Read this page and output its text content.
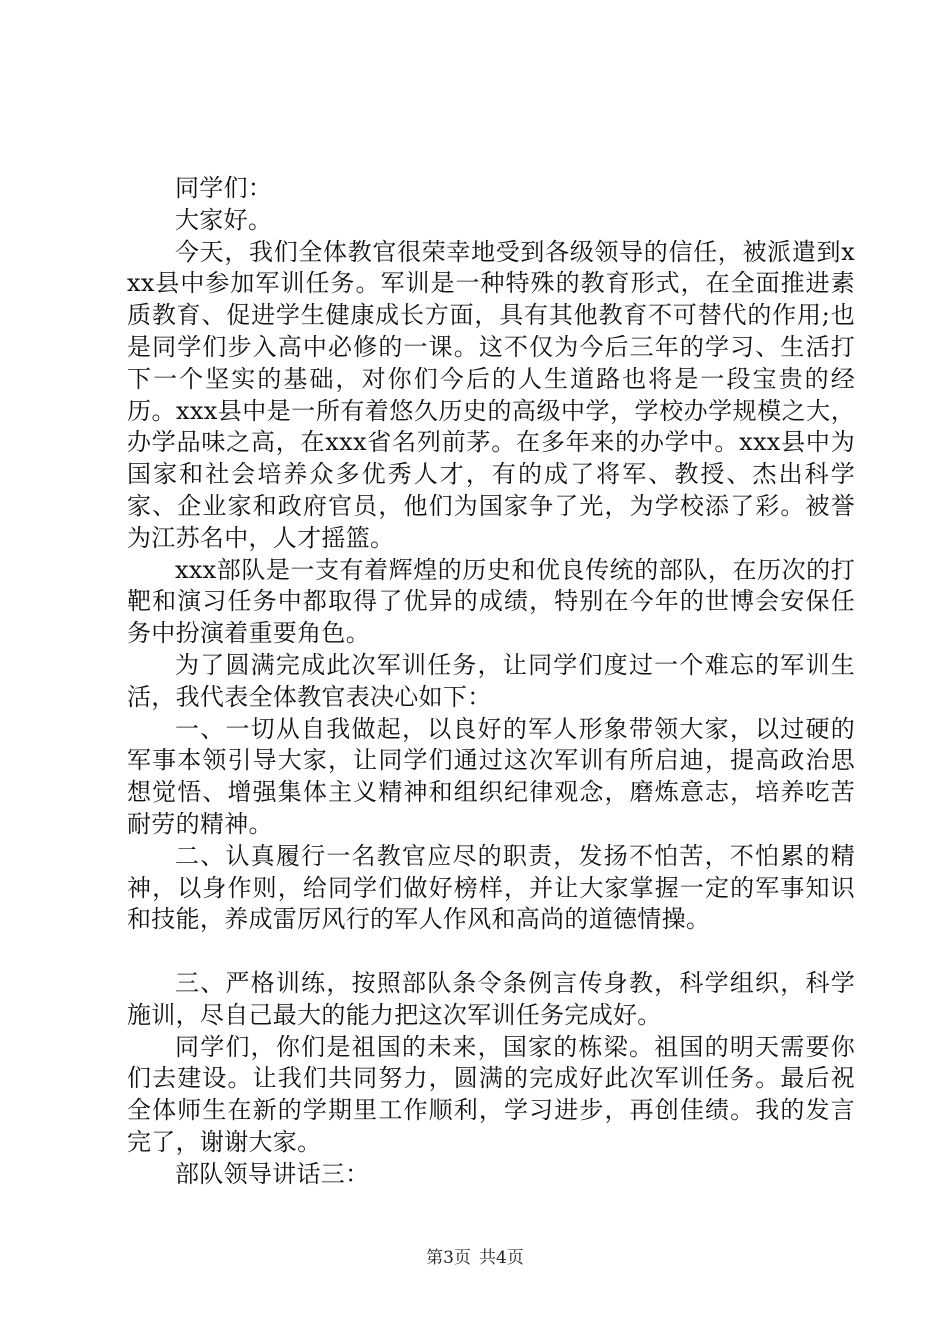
同学们：

大家好。

今天，我们全体教官很荣幸地受到各级领导的信任，被派遣到xxx县中参加军训任务。军训是一种特殊的教育形式，在全面推进素质教育、促进学生健康成长方面，具有其他教育不可替代的作用;也是同学们步入高中必修的一课。这不仅为今后三年的学习、生活打下一个坚实的基础，对你们今后的人生道路也将是一段宝贵的经历。xxx县中是一所有着悠久历史的高级中学，学校办学规模之大，办学品味之高，在xxx省名列前茅。在多年来的办学中。xxx县中为国家和社会培养众多优秀人才，有的成了将军、教授、杰出科学家、企业家和政府官员，他们为国家争了光，为学校添了彩。被誉为江苏名中，人才摇篮。

xxx部队是一支有着辉煌的历史和优良传统的部队，在历次的打靶和演习任务中都取得了优异的成绩，特别在今年的世博会安保任务中扮演着重要角色。

为了圆满完成此次军训任务，让同学们度过一个难忘的军训生活，我代表全体教官表决心如下：

一、一切从自我做起，以良好的军人形象带领大家，以过硬的军事本领引导大家，让同学们通过这次军训有所启迪，提高政治思想觉悟、增强集体主义精神和组织纪律观念，磨炼意志，培养吃苦耐劳的精神。

二、认真履行一名教官应尽的职责，发扬不怕苦，不怕累的精神，以身作则，给同学们做好榜样，并让大家掌握一定的军事知识和技能，养成雷厉风行的军人作风和高尚的道德情操。

三、严格训练，按照部队条令条例言传身教，科学组织，科学施训，尽自己最大的能力把这次军训任务完成好。

同学们，你们是祖国的未来，国家的栋梁。祖国的明天需要你们去建设。让我们共同努力，圆满的完成好此次军训任务。最后祝全体师生在新的学期里工作顺利，学习进步，再创佳绩。我的发言完了，谢谢大家。

部队领导讲话三：

第3页 共4页
